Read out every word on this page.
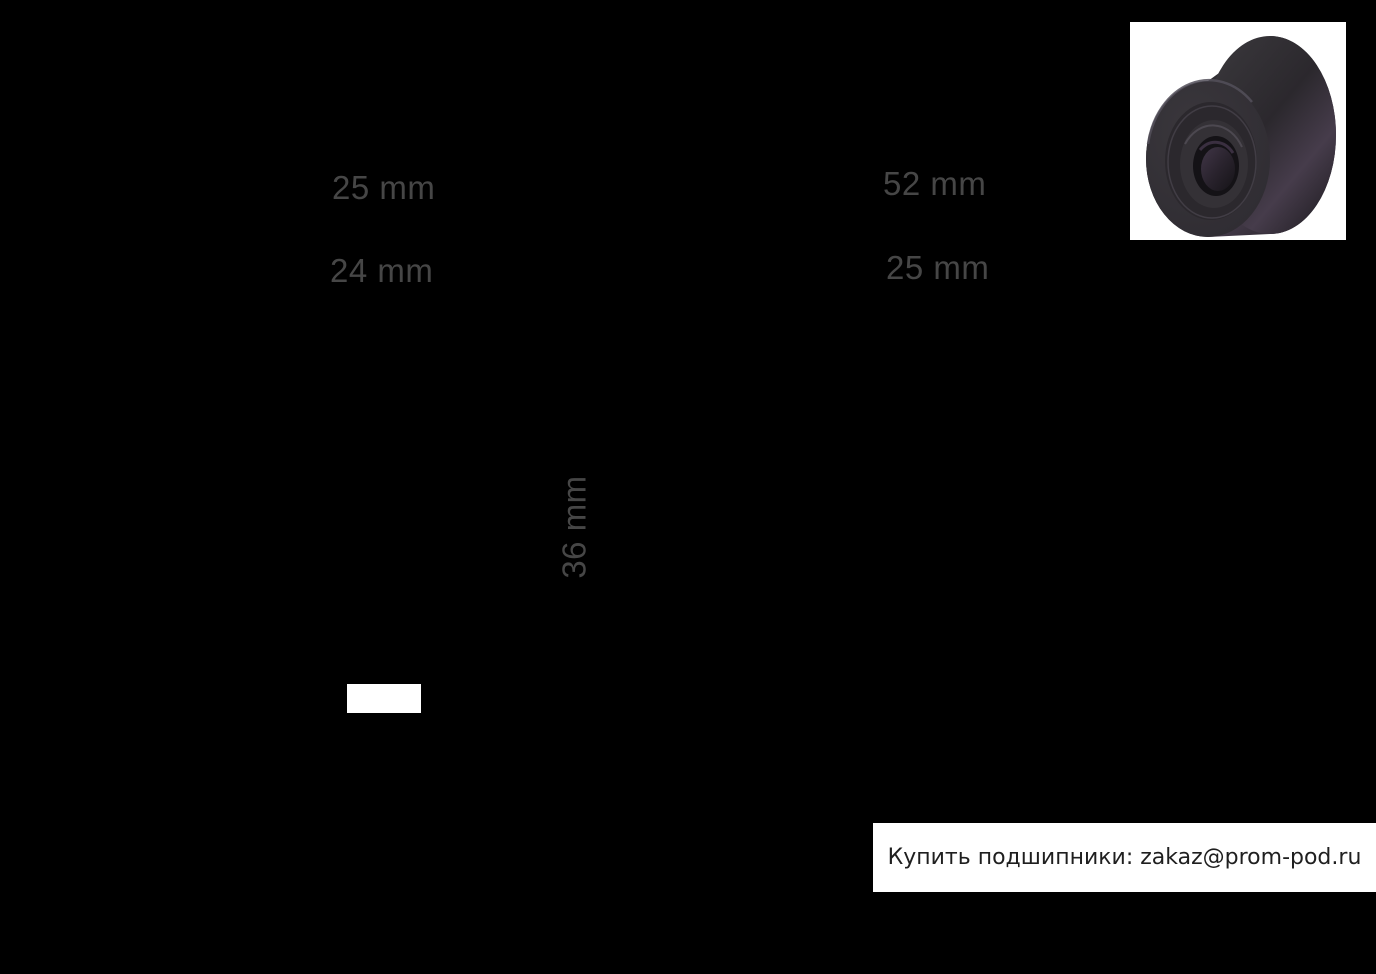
25 mm
24 mm
52 mm
25 mm
36 mm
Купить подшипники: zakaz@prom-pod.ru
